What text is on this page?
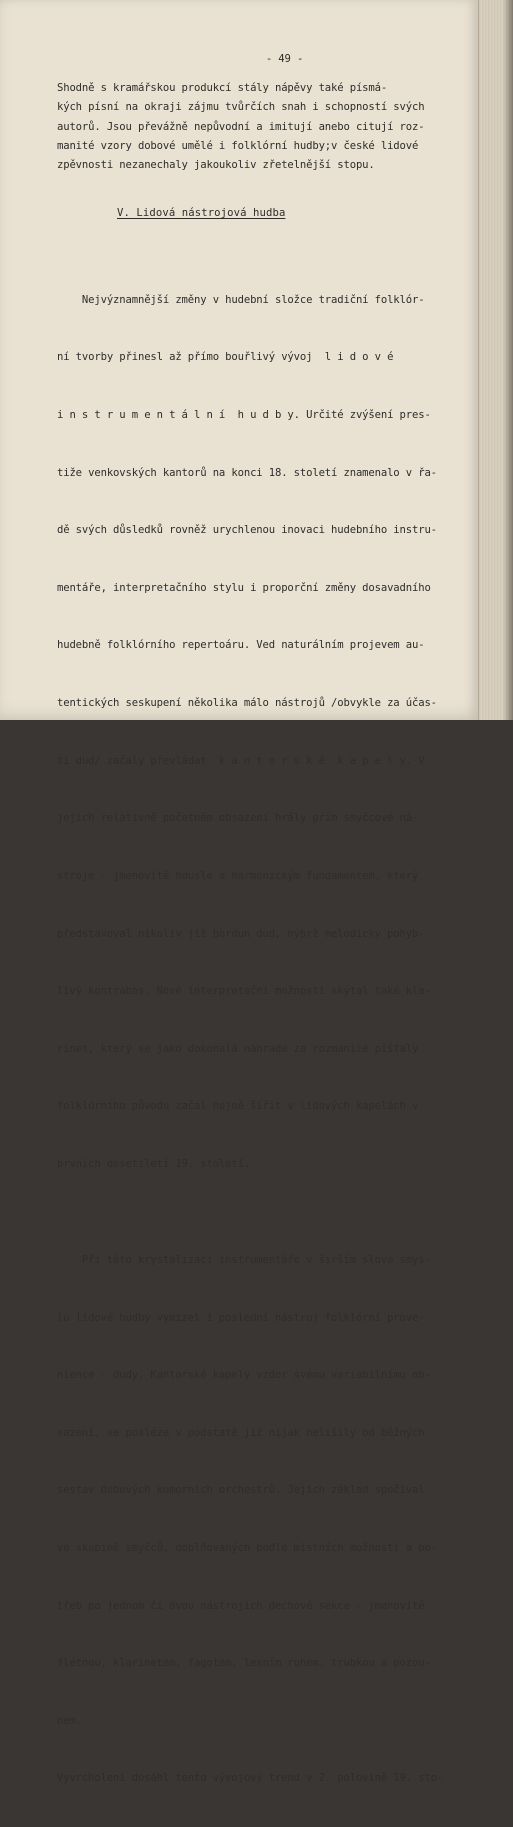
- 49 -
Shodně s kramářskou produkcí stály nápěvy také písmá-
kých písní na okraji zájmu tvůrčích snah i schopností svých
autorů. Jsou převážně nepůvodní a imitují anebo citují roz-
manité vzory dobové umělé i folklórní hudby;v české lidové
zpěvnosti nezanechaly jakoukoliv zřetelnější stopu.
V. Lidová nástrojová hudba

Nejvýznamnější změny v hudební složce tradiční folklór-

ní tvorby přinesl až přímo bouřlivý vývoj  l i d o v é

i n s t r u m e n t á l n í  h u d b y. Určité zvýšení pres-

tiže venkovských kantorů na konci 18. století znamenalo v řa-

dě svých důsledků rovněž urychlenou inovaci hudebního instru-

mentáře, interpretačního stylu i proporční změny dosavadního

hudebně folklórního repertoáru. Ved naturálním projevem au-

tentických seskupení několika málo nástrojů /obvykle za účas-

ti dud/ začaly převládat  k a n t o r s k é  k a p e l y. V

jejich relativně početném obsazení hrály prim smyčcové ná-

stroje - jmenovitě housle a harmonickým fundamentem, který

představoval nikoliv již bordun dud, nýbrž melodicky pohyb-

livý kontrabas. Nové interpretační možnosti skýtal také kla-

rinet, který se jako dokonalá náhrada za rozmanité píšťaly

folklórního původu začal hojně šířit v lidových kapelách v

prvních desetiletí 19. století.

Při této krystalizaci instrumentáře v širším slova smys-

lu lidové hudby vymizel i poslední nástroj folklórní prove-

nience - dudy. Kantorské kapely vzdor svému variabilnímu ob-

sazení, se posléze v podstatě již nijak nelišily od běžných

sestav dobových komorních orchestrů. Jejich základ spočíval

ve skupině smyčců, doplňovaných podle místních možností a po-

třeb po jednom či dvou nástrojích dechové sekce - jmenovitě

flétnou, klarinetem, fagotem, lesním rohem, trubkou a pozou-

nem.

Vyvrcholení dosáhl tento vývojový trend v 2. polovině 19. sto-
